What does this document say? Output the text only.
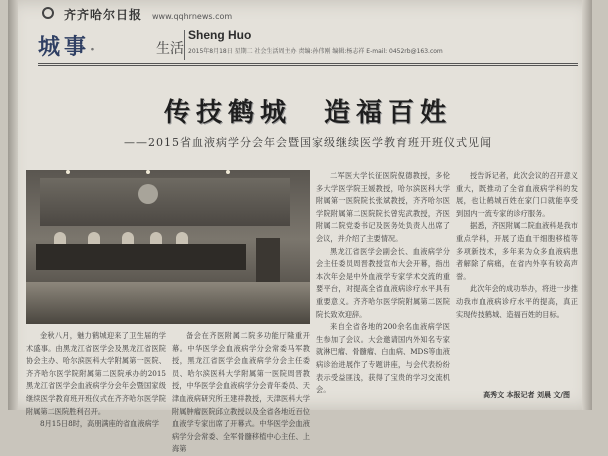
齐齐哈尔日报 www.qqhrnews.com
城事·	生活
Sheng Huo
2015年8月18日 星期二 社会生活周主办 责编:孙伟刚 编辑:杨志祥 E-mail: 0452rb@163.com
传技鹤城　造福百姓
——2015省血液病学分会年会暨国家级继续医学教育班开班仪式见闻

二军医大学长征医院倪德教授，多伦多大学医学院王媛教授，哈尔滨医科大学附属第一医院院长张斌教授，齐齐哈尔医学院附属第二医院院长曾宪武教授，齐医附属二院党委书记及医务处负责人出席了会议，并介绍了主要情况。

黑龙江省医学会副会长、血液病学分会主任委员周晋教授宣布大会开幕，指出本次年会是中外血液学专家学术交流的重要平台，对提高全省血液病诊疗水平具有重要意义。齐齐哈尔医学院附属第二医院院长致欢迎辞。

来自全省各地的200余名血液病学医生参加了会议。大会邀请国内外知名专家就淋巴瘤、骨髓瘤、白血病、MDS等血液病诊治进展作了专题讲座，与会代表纷纷表示受益匪浅，获得了宝贵的学习交流机会。

授告诉记者，此次会议的召开意义重大，既推动了全省血液病学科的发展，也让鹤城百姓在家门口就能享受到国内一流专家的诊疗服务。

据悉，齐医附属二院血液科是我市重点学科，开展了造血干细胞移植等多项新技术，多年来为众多血液病患者解除了病痛，在省内外享有较高声誉。

此次年会的成功举办，将进一步推动我市血液病诊疗水平的提高，真正实现传技鹤城、造福百姓的目标。

金秋八月，魅力鹤城迎来了卫生届的学术盛事。由黑龙江省医学会及黑龙江省医院协会主办、哈尔滨医科大学附属第一医院、齐齐哈尔医学院附属第二医院承办的2015黑龙江省医学会血液病学分会年会暨国家级继续医学教育班开班仪式在齐齐哈尔医学院附属第二医院胜利召开。

8月15日8时，高朋满座的省血液病学

备会在齐医附属二院多功能厅隆重开幕。中华医学会血液病学分会常委马军教授，黑龙江省医学会血液病学分会主任委员、哈尔滨医科大学附属第一医院周晋教授，中华医学会血液病学分会青年委员、天津血液病研究所王建祥教授，天津医科大学附属肿瘤医院邱立教授以及全省各地近百位血液学专家出席了开幕式。中华医学会血液病学分会常委、全军骨髓移植中心主任、上海第

高秀文 本报记者 刘晨 文/图
